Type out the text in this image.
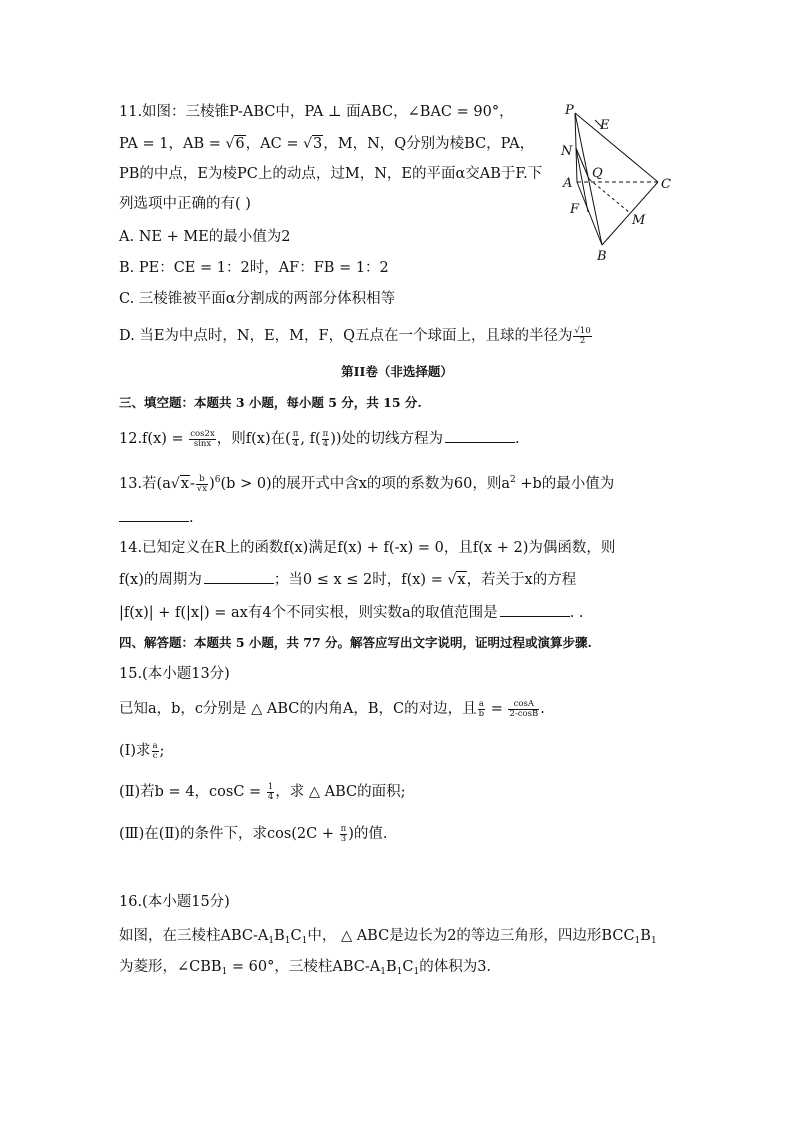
11.如图：三棱锥P-ABC中，PA ⊥ 面ABC，∠BAC = 90°，
PA = 1，AB = √6，AC = √3，M，N，Q分别为棱BC，PA，
PB的中点，E为棱PC上的动点，过M，N，E的平面α交AB于F.下
列选项中正确的有( )
A. NE + ME的最小值为2
B. PE：CE = 1：2时，AF：FB = 1：2
C. 三棱锥被平面α分割成的两部分体积相等
D. 当E为中点时，N，E，M，F，Q五点在一个球面上，且球的半径为 $\frac{√10}{2}$
P
E
N
Q
A	C
F
M
B
第II卷（非选择题）
三、填空题：本题共 3 小题，每小题 5 分，共 15 分.
$12.f(x) = \frac{\cos 2x}{\sin x}$ ，则f(x)在( $\frac{\pi}{4}$ , $f( \frac{\pi}{4}$ ))处的切线方程为	.
13.若$(a√x- \frac{b}{√x} )^6(b > 0)$的展开式中含x的项的系数为60，则$a^2 +b$的最小值为
.
14.已知定义在R上的函数f(x)满足f(x) + f(-x) = 0，且f(x + 2)为偶函数，则
f(x)的周期为	；当0 ≤ x ≤ 2时，f(x) = √x，若关于x的方程
|f(x)| + f(|x|) = ax有4个不同实根，则实数a的取值范围是	. .
四、解答题：本题共 5 小题，共 77 分。解答应写出文字说明，证明过程或演算步骤.
15.(本小题13分)
已知a，b，c分别是 △ ABC的内角A，B，C的对边，且 $\frac{a}{b} = \frac{\cos A}{2-\cos B}$ .
(Ⅰ)求 $\frac{a}{c}$ ;
(Ⅱ)若b = 4，$\cos C = \frac{1}{4}$ ，求 △ ABC的面积;
(Ⅲ)在(Ⅱ)的条件下，求$\cos(2C + \frac{\pi}{3}$ )的值.
16.(本小题15分)
如图，在三棱柱ABC-$A_1B_1C_1$中， △ ABC是边长为2的等边三角形，四边形$BCC_1B_1$
为菱形，$\angle CBB_1 = 60^\circ$，三棱柱ABC-$A_1B_1C_1$的体积为3.
